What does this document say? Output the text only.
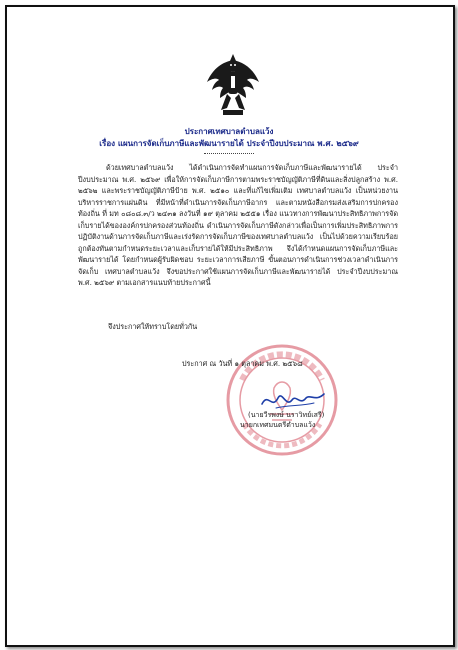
ประกาศเทศบาลตำบลแว้ง
เรื่อง แผนการจัดเก็บภาษีและพัฒนารายได้ ประจำปีงบประมาณ พ.ศ. ๒๕๖๙
ด้วยเทศบาลตำบลแว้ง ได้ดำเนินการจัดทำแผนการจัดเก็บภาษีและพัฒนารายได้ ประจำปีงบประมาณ พ.ศ. ๒๕๖๙ เพื่อให้การจัดเก็บภาษีการตามพระราชบัญญัติภาษีที่ดินและสิ่งปลูกสร้าง พ.ศ. ๒๕๖๒ และพระราชบัญญัติภาษีป้าย พ.ศ. ๒๕๑๐ และที่แก้ไขเพิ่มเติม เทศบาลตำบลแว้ง เป็นหน่วยงานบริหารราชการแผ่นดิน ที่มีหน้าที่ดำเนินการจัดเก็บภาษีอากร และตามหนังสือกรมส่งเสริมการปกครองท้องถิ่น ที่ มท ๐๘๐๘.๓/ว ๒๔๓๑ ลงวันที่ ๑๙ ตุลาคม ๒๕๕๑ เรื่อง แนวทางการพัฒนาประสิทธิภาพการจัดเก็บรายได้ขององค์กรปกครองส่วนท้องถิ่น ดำเนินการจัดเก็บภาษีดังกล่าวเพื่อเป็นการเพิ่มประสิทธิภาพการปฏิบัติงานด้านการจัดเก็บภาษีและเร่งรัดการจัดเก็บภาษีของเทศบาลตำบลแว้ง เป็นไปด้วยความเรียบร้อยถูกต้องทันตามกำหนดระยะเวลาและเก็บรายได้ให้มีประสิทธิภาพ จึงได้กำหนดแผนการจัดเก็บภาษีและพัฒนารายได้ โดยกำหนดผู้รับผิดชอบ ระยะเวลาการเสียภาษี ขั้นตอนการดำเนินการช่วงเวลาดำเนินการจัดเก็บ เทศบาลตำบลแว้ง จึงขอประกาศใช้แผนการจัดเก็บภาษีและพัฒนารายได้ ประจำปีงบประมาณ พ.ศ. ๒๕๖๙ ตามเอกสารแนบท้ายประกาศนี้
จึงประกาศให้ทราบโดยทั่วกัน
ประกาศ ณ วันที่ ๑ ตุลาคม พ.ศ. ๒๕๖๘
(นายวีรพงษ์ นราวิทย์เสรี)
นายกเทศมนตรีตำบลแว้ง
